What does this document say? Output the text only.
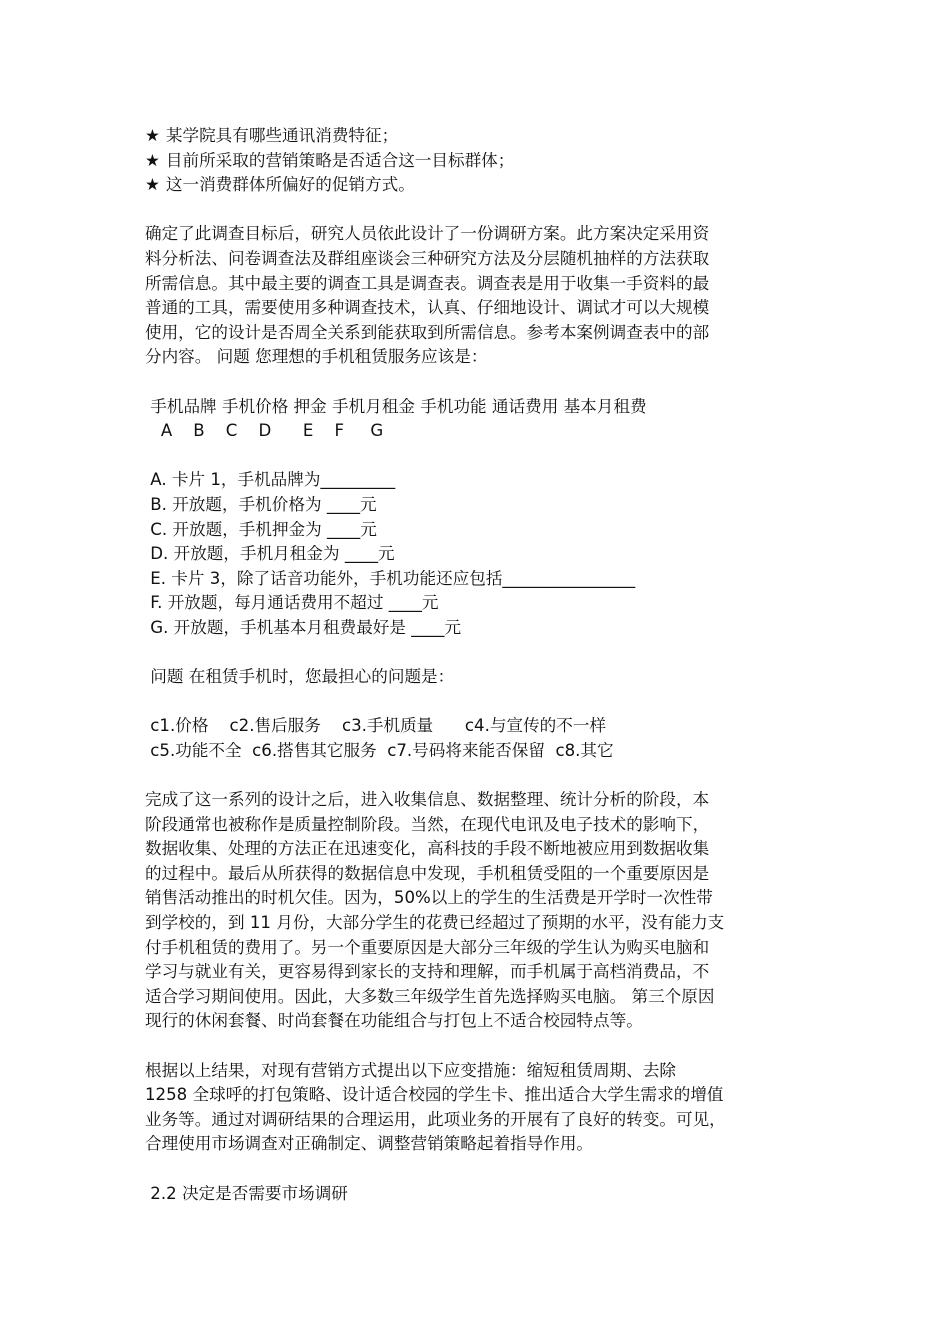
★ 某学院具有哪些通讯消费特征；
★ 目前所采取的营销策略是否适合这一目标群体；
★ 这一消费群体所偏好的促销方式。
确定了此调查目标后，研究人员依此设计了一份调研方案。此方案决定采用资
料分析法、问卷调查法及群组座谈会三种研究方法及分层随机抽样的方法获取
所需信息。其中最主要的调查工具是调查表。调查表是用于收集一手资料的最
普通的工具，需要使用多种调查技术，认真、仔细地设计、调试才可以大规模
使用，它的设计是否周全关系到能获取到所需信息。参考本案例调查表中的部
分内容。 问题 您理想的手机租赁服务应该是：
手机品牌 手机价格 押金 手机月租金 手机功能 通话费用 基本月租费
A    B    C    D      E    F     G
A. 卡片 1，手机品牌为_________
B. 开放题，手机价格为 ____元
C. 开放题，手机押金为 ____元
D. 开放题，手机月租金为 ____元
E. 卡片 3，除了话音功能外，手机功能还应包括________________
F. 开放题，每月通话费用不超过 ____元
G. 开放题，手机基本月租费最好是 ____元
问题 在租赁手机时，您最担心的问题是：
c1.价格    c2.售后服务    c3.手机质量      c4.与宣传的不一样
c5.功能不全  c6.搭售其它服务  c7.号码将来能否保留  c8.其它
完成了这一系列的设计之后，进入收集信息、数据整理、统计分析的阶段，本
阶段通常也被称作是质量控制阶段。当然，在现代电讯及电子技术的影响下，
数据收集、处理的方法正在迅速变化，高科技的手段不断地被应用到数据收集
的过程中。最后从所获得的数据信息中发现，手机租赁受阻的一个重要原因是
销售活动推出的时机欠佳。因为，50%以上的学生的生活费是开学时一次性带
到学校的，到 11 月份，大部分学生的花费已经超过了预期的水平，没有能力支
付手机租赁的费用了。另一个重要原因是大部分三年级的学生认为购买电脑和
学习与就业有关，更容易得到家长的支持和理解，而手机属于高档消费品，不
适合学习期间使用。因此，大多数三年级学生首先选择购买电脑。 第三个原因
现行的休闲套餐、时尚套餐在功能组合与打包上不适合校园特点等。
根据以上结果，对现有营销方式提出以下应变措施：缩短租赁周期、去除
1258 全球呼的打包策略、设计适合校园的学生卡、推出适合大学生需求的增值
业务等。通过对调研结果的合理运用，此项业务的开展有了良好的转变。可见，
合理使用市场调查对正确制定、调整营销策略起着指导作用。
2.2 决定是否需要市场调研
